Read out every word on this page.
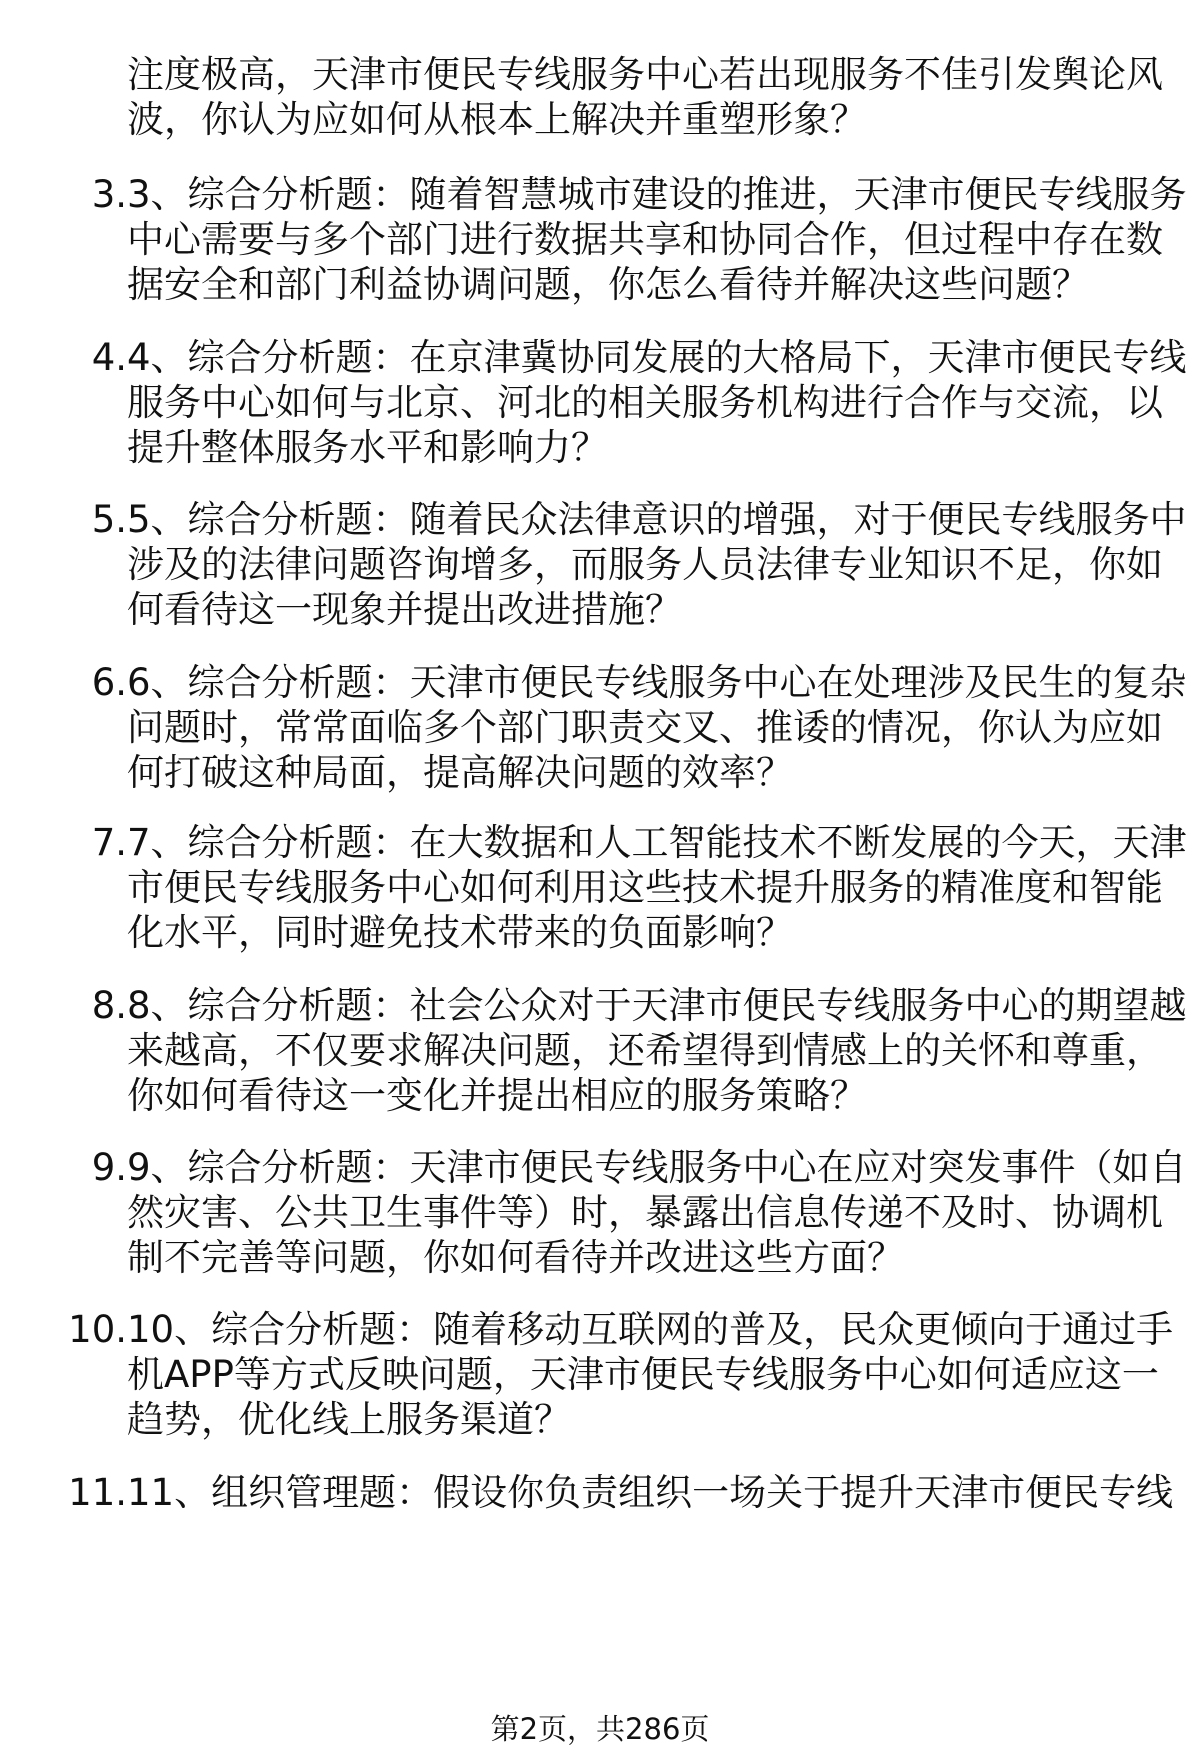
注度极高，天津市便民专线服务中心若出现服务不佳引发舆论风
波，你认为应如何从根本上解决并重塑形象？
3. 3、综合分析题：随着智慧城市建设的推进，天津市便民专线服务
中心需要与多个部门进行数据共享和协同合作，但过程中存在数
据安全和部门利益协调问题，你怎么看待并解决这些问题？
4. 4、综合分析题：在京津冀协同发展的大格局下，天津市便民专线
服务中心如何与北京、河北的相关服务机构进行合作与交流，以
提升整体服务水平和影响力？
5. 5、综合分析题：随着民众法律意识的增强，对于便民专线服务中
涉及的法律问题咨询增多，而服务人员法律专业知识不足，你如
何看待这一现象并提出改进措施？
6. 6、综合分析题：天津市便民专线服务中心在处理涉及民生的复杂
问题时，常常面临多个部门职责交叉、推诿的情况，你认为应如
何打破这种局面，提高解决问题的效率？
7. 7、综合分析题：在大数据和人工智能技术不断发展的今天，天津
市便民专线服务中心如何利用这些技术提升服务的精准度和智能
化水平，同时避免技术带来的负面影响？
8. 8、综合分析题：社会公众对于天津市便民专线服务中心的期望越
来越高，不仅要求解决问题，还希望得到情感上的关怀和尊重，
你如何看待这一变化并提出相应的服务策略？
9. 9、综合分析题：天津市便民专线服务中心在应对突发事件（如自
然灾害、公共卫生事件等）时，暴露出信息传递不及时、协调机
制不完善等问题，你如何看待并改进这些方面？
10. 10、综合分析题：随着移动互联网的普及，民众更倾向于通过手
机APP等方式反映问题，天津市便民专线服务中心如何适应这一
趋势，优化线上服务渠道？
11. 11、组织管理题：假设你负责组织一场关于提升天津市便民专线
第2页，共286页
